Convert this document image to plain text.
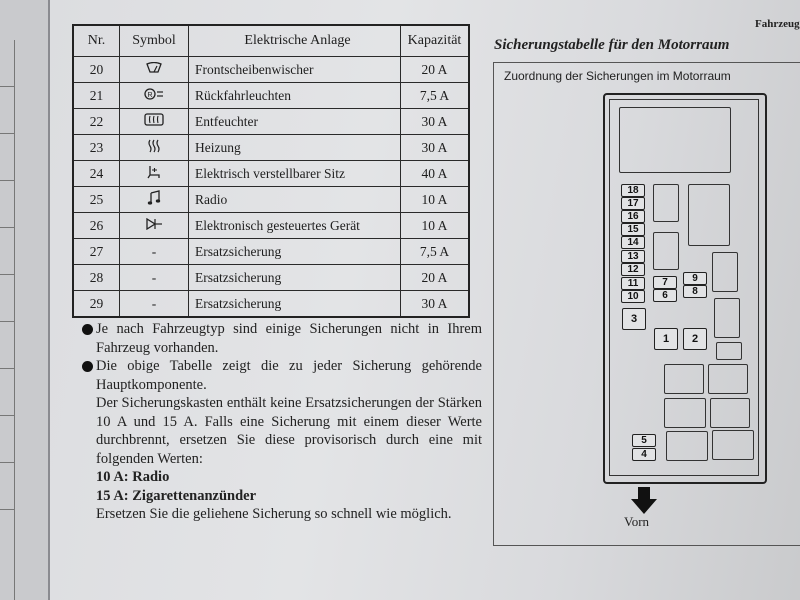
Fahrzeug
Nr.	Symbol	Elektrische Anlage	Kapazität
20		Frontscheibenwischer	20 A
21	R	Rückfahrleuchten	7,5 A
22		Entfeuchter	30 A
23		Heizung	30 A
24		Elektrisch verstellbarer Sitz	40 A
25		Radio	10 A
26		Elektronisch gesteuertes Gerät	10 A
27	-	Ersatzsicherung	7,5 A
28	-	Ersatzsicherung	20 A
29	-	Ersatzsicherung	30 A

Je nach Fahrzeugtyp sind einige Sicherungen nicht in Ihrem Fahrzeug vorhanden.

Die obige Tabelle zeigt die zu jeder Sicherung gehörende Hauptkomponente.

Der Sicherungskasten enthält keine Ersatzsicherungen der Stärken 10 A und 15 A. Falls eine Sicherung mit einem dieser Werte durchbrennt, ersetzen Sie diese provisorisch durch eine mit folgenden Werten:

10 A: Radio

15 A: Zigarettenanzünder

Ersetzen Sie die geliehene Sicherung so schnell wie möglich.

Sicherungstabelle für den Motorraum
Zuordnung der Sicherungen im Motorraum
18
17
16
15
14
13
12
11
10
7
6
9
8
3
1	2
5
4
Vorn
